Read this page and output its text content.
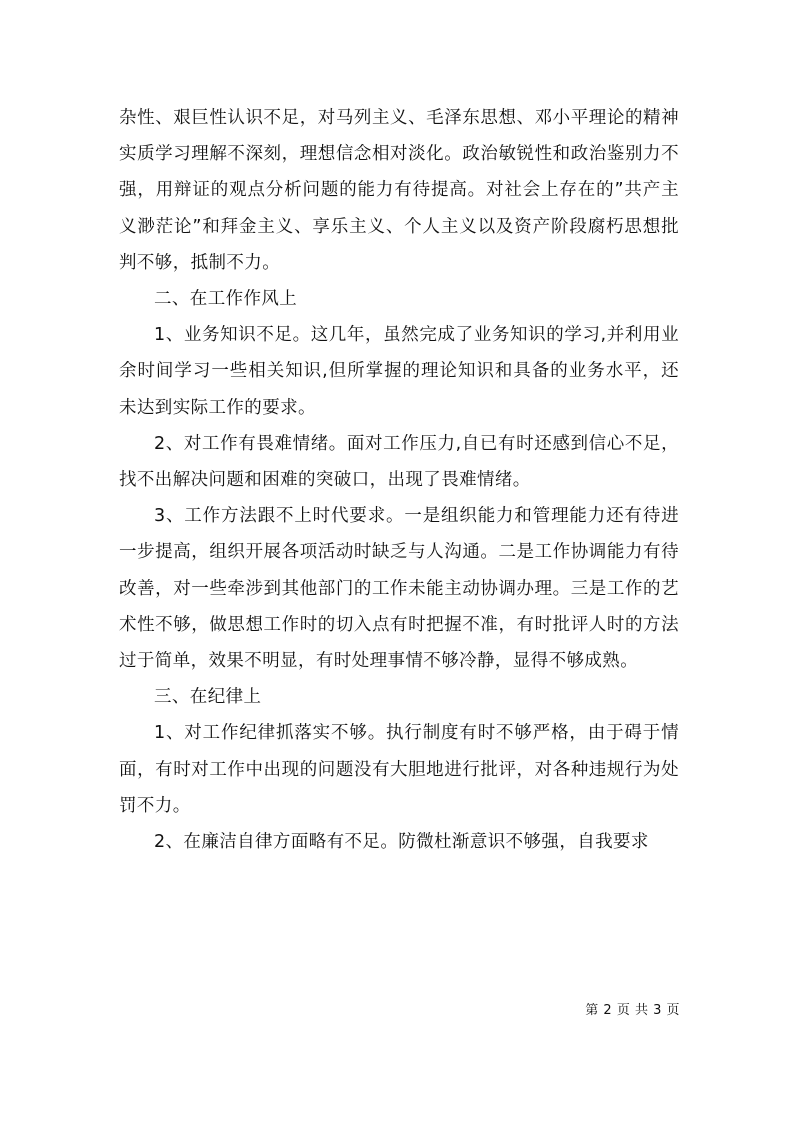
杂性、艰巨性认识不足，对马列主义、毛泽东思想、邓小平理论的精神实质学习理解不深刻，理想信念相对淡化。政治敏锐性和政治鉴别力不强，用辩证的观点分析问题的能力有待提高。对社会上存在的”共产主义渺茫论”和拜金主义、享乐主义、个人主义以及资产阶段腐朽思想批判不够，抵制不力。

二、在工作作风上

1、业务知识不足。这几年，虽然完成了业务知识的学习,并利用业余时间学习一些相关知识,但所掌握的理论知识和具备的业务水平，还未达到实际工作的要求。

2、对工作有畏难情绪。面对工作压力,自已有时还感到信心不足，找不出解决问题和困难的突破口，出现了畏难情绪。

3、工作方法跟不上时代要求。一是组织能力和管理能力还有待进一步提高，组织开展各项活动时缺乏与人沟通。二是工作协调能力有待改善，对一些牵涉到其他部门的工作未能主动协调办理。三是工作的艺术性不够，做思想工作时的切入点有时把握不准，有时批评人时的方法过于简单，效果不明显，有时处理事情不够冷静，显得不够成熟。

三、在纪律上

1、对工作纪律抓落实不够。执行制度有时不够严格，由于碍于情面，有时对工作中出现的问题没有大胆地进行批评，对各种违规行为处罚不力。

2、在廉洁自律方面略有不足。防微杜渐意识不够强，自我要求

第 2 页 共 3 页
